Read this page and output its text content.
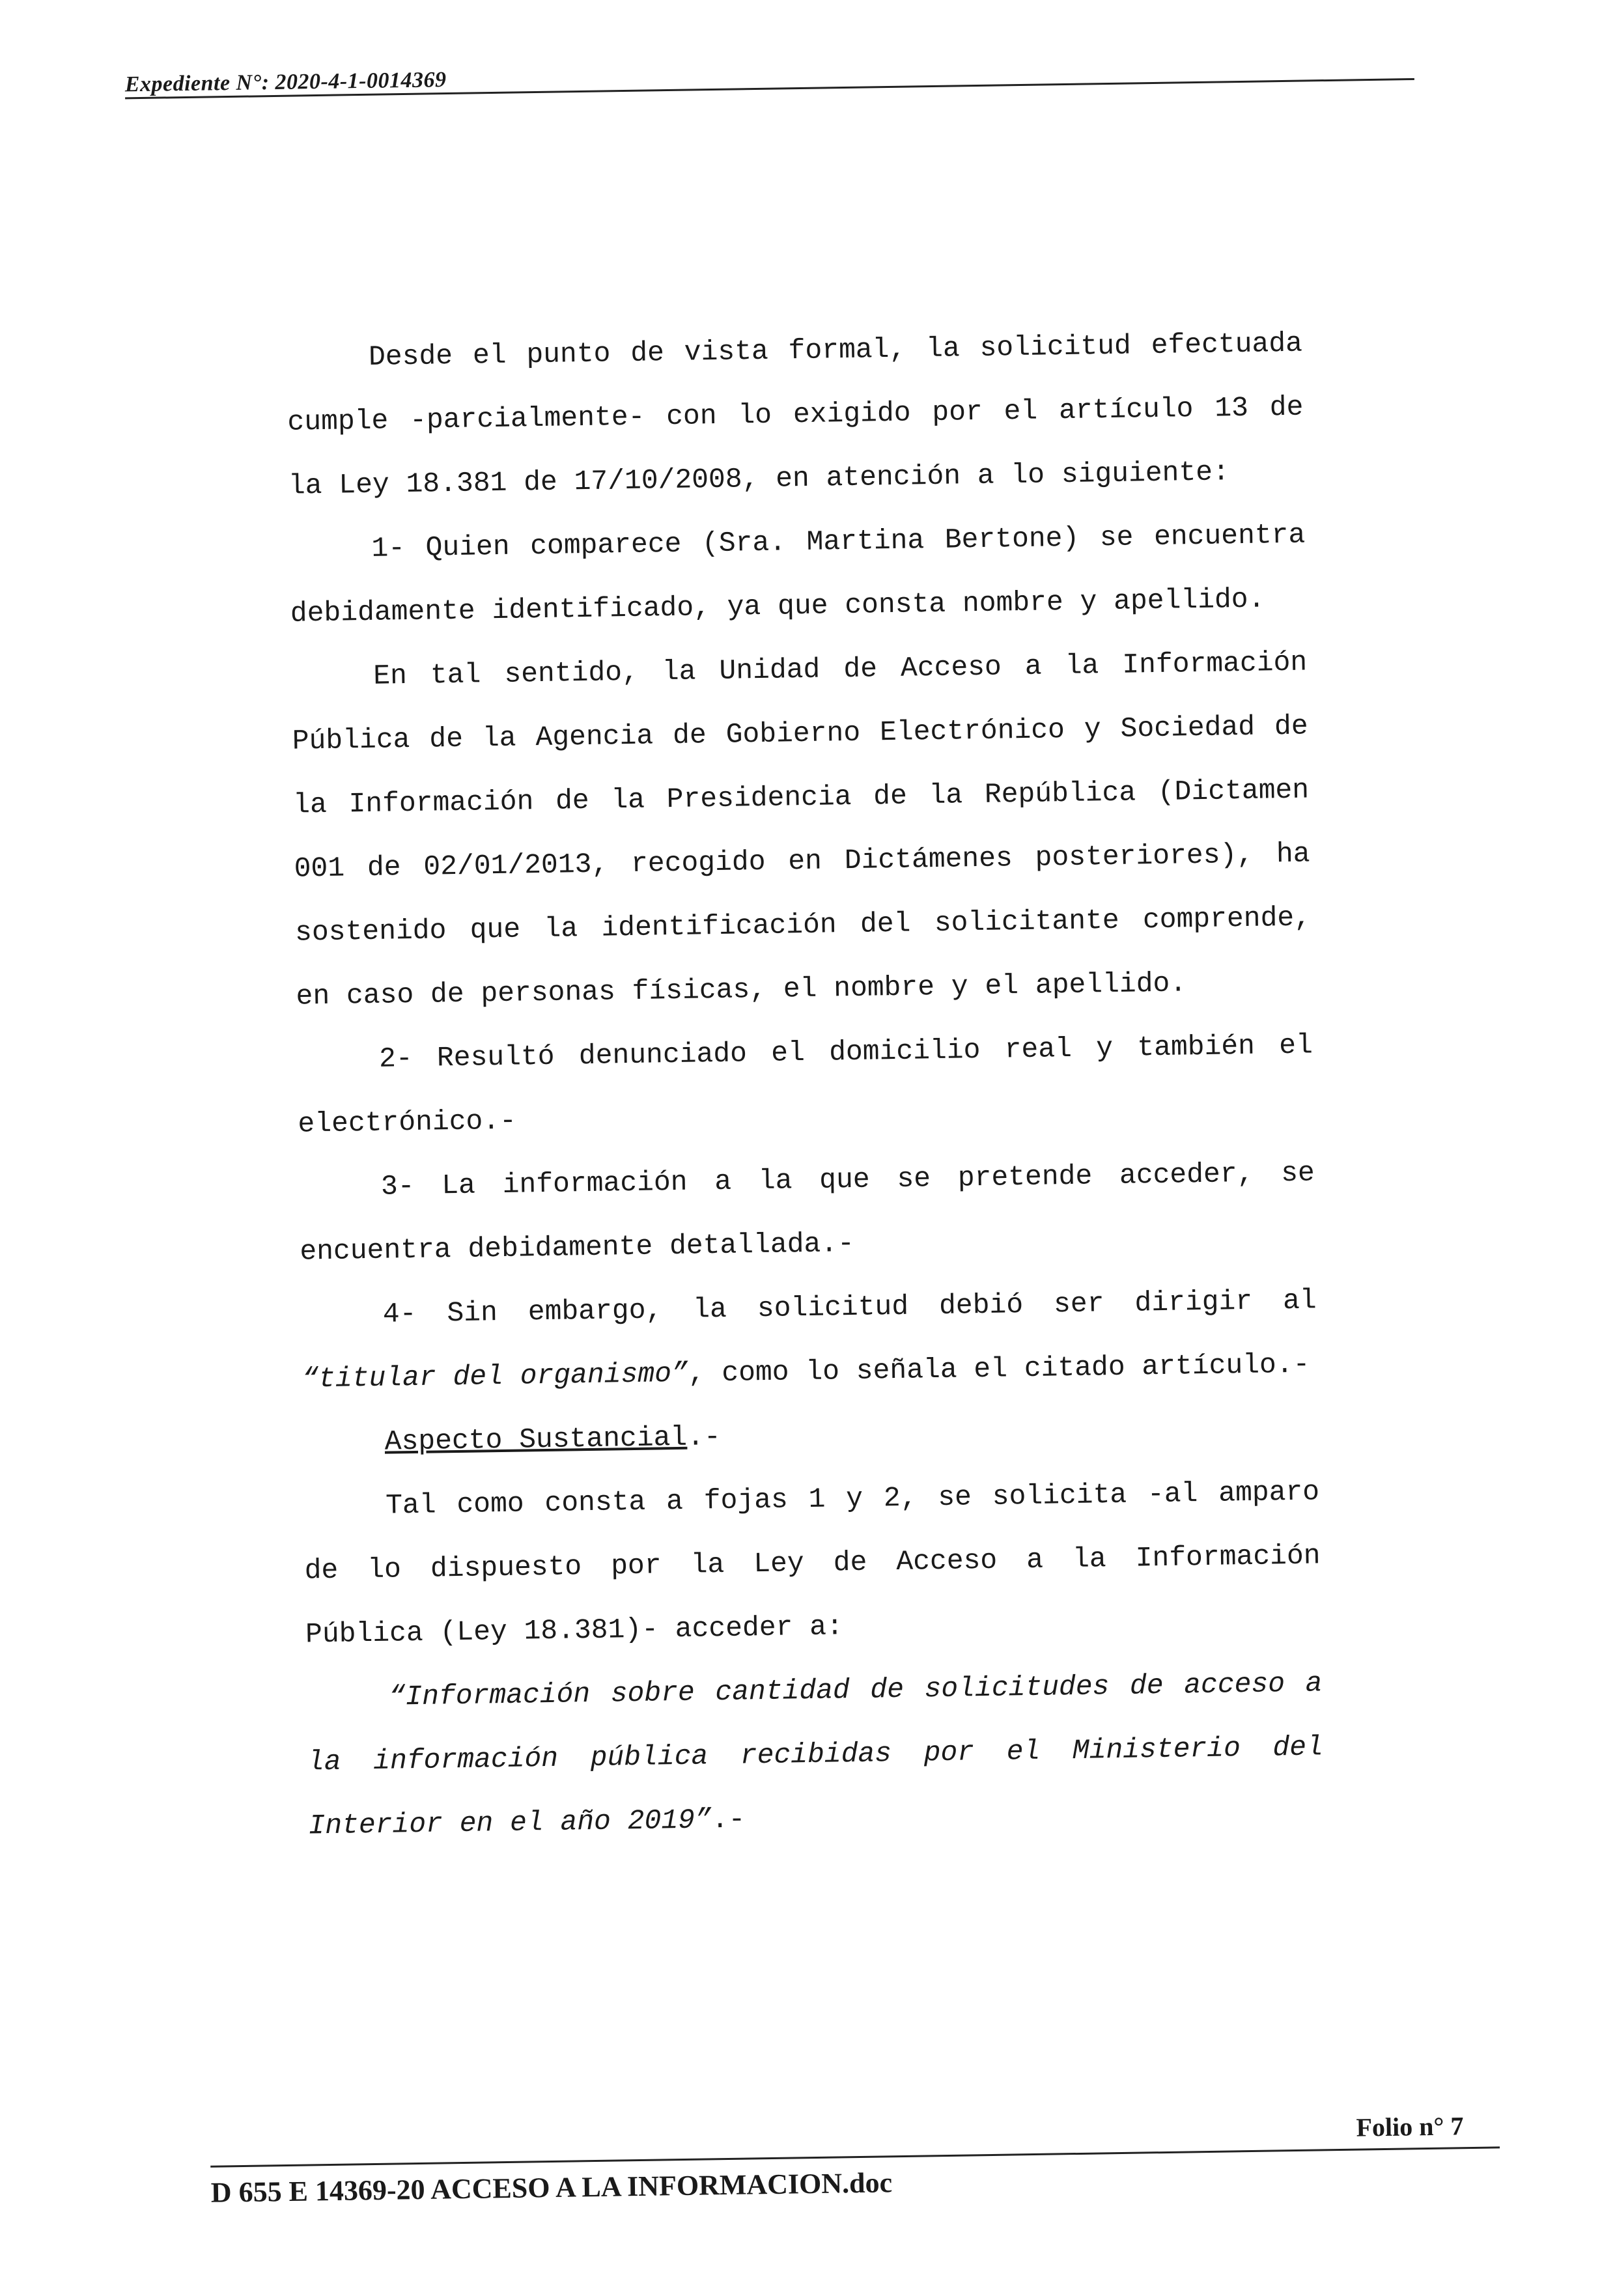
Expediente N°: 2020-4-1-0014369

Desde el punto de vista formal, la solicitud efectuada cumple -parcialmente- con lo exigido por el artículo 13 de la Ley 18.381 de 17/10/2008, en atención a lo siguiente:

1- Quien comparece (Sra. Martina Bertone) se encuentra debidamente identificado, ya que consta nombre y apellido.

En tal sentido, la Unidad de Acceso a la Información Pública de la Agencia de Gobierno Electrónico y Sociedad de la Información de la Presidencia de la República (Dictamen 001 de 02/01/2013, recogido en Dictámenes posteriores), ha sostenido que la identificación del solicitante comprende, en caso de personas físicas, el nombre y el apellido.

2- Resultó denunciado el domicilio real y también el electrónico.-

3- La información a la que se pretende acceder, se encuentra debidamente detallada.-

4- Sin embargo, la solicitud debió ser dirigir al “titular del organismo”, como lo señala el citado artículo.-

Aspecto Sustancial.-

Tal como consta a fojas 1 y 2, se solicita -al amparo de lo dispuesto por la Ley de Acceso a la Información Pública (Ley 18.381)- acceder a:

“Información sobre cantidad de solicitudes de acceso a la información pública recibidas por el Ministerio del Interior en el año 2019”.-

D 655 E 14369-20 ACCESO A LA INFORMACION.doc
Folio n° 7
